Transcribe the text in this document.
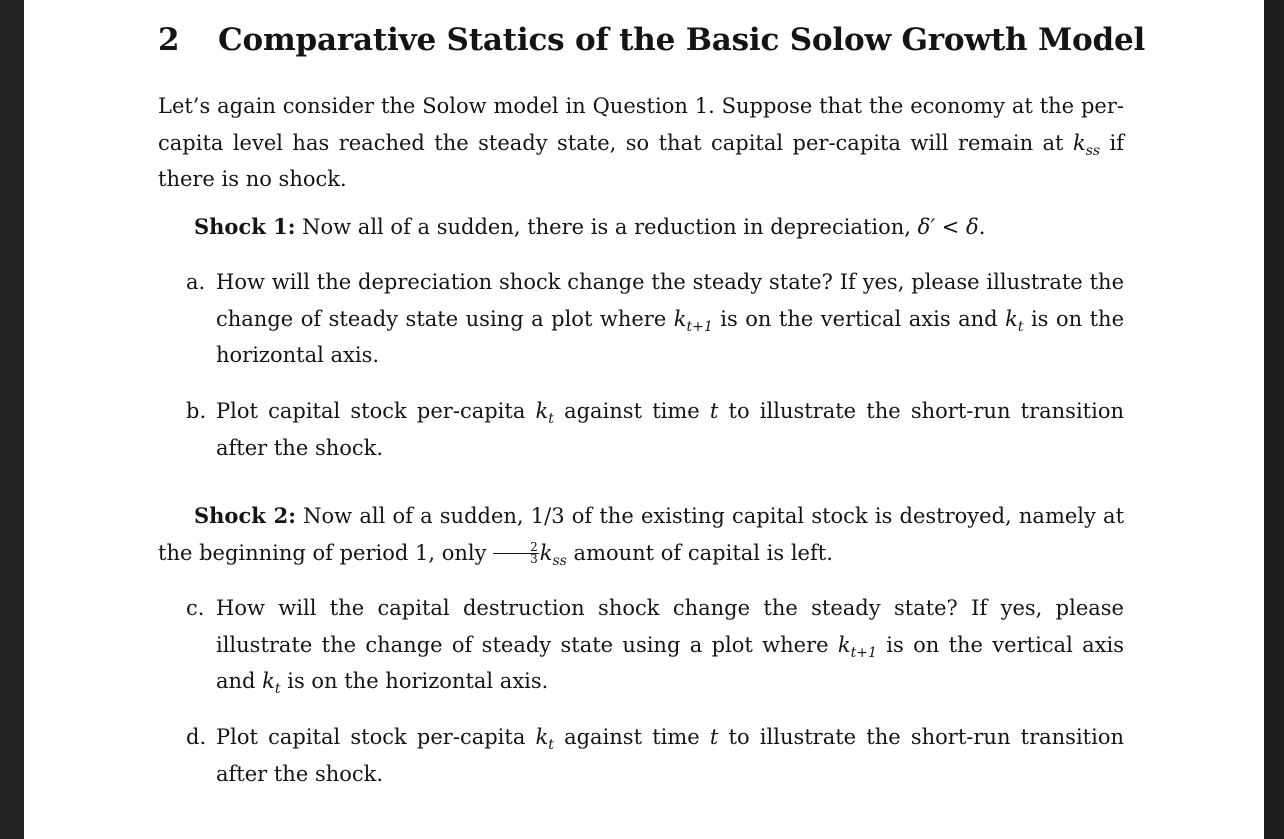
2 Comparative Statics of the Basic Solow Growth Model

Let’s again consider the Solow model in Question 1. Suppose that the economy at the per-capita level has reached the steady state, so that capital per-capita will remain at $k_{ss}$ if there is no shock.

Shock 1: Now all of a sudden, there is a reduction in depreciation, δ′ < δ.

a. How will the depreciation shock change the steady state? If yes, please illustrate the change of steady state using a plot where $k_{t+1}$ is on the vertical axis and $k_t$ is on the horizontal axis.
b. Plot capital stock per-capita $k_t$ against time t to illustrate the short-run transition after the shock.

Shock 2: Now all of a sudden, 1/3 of the existing capital stock is destroyed, namely at the beginning of period 1, only $\frac{2}{3} k_{ss}$ amount of capital is left.

c. How will the capital destruction shock change the steady state? If yes, please illustrate the change of steady state using a plot where $k_{t+1}$ is on the vertical axis and $k_t$ is on the horizontal axis.
d. Plot capital stock per-capita $k_t$ against time t to illustrate the short-run transition after the shock.
